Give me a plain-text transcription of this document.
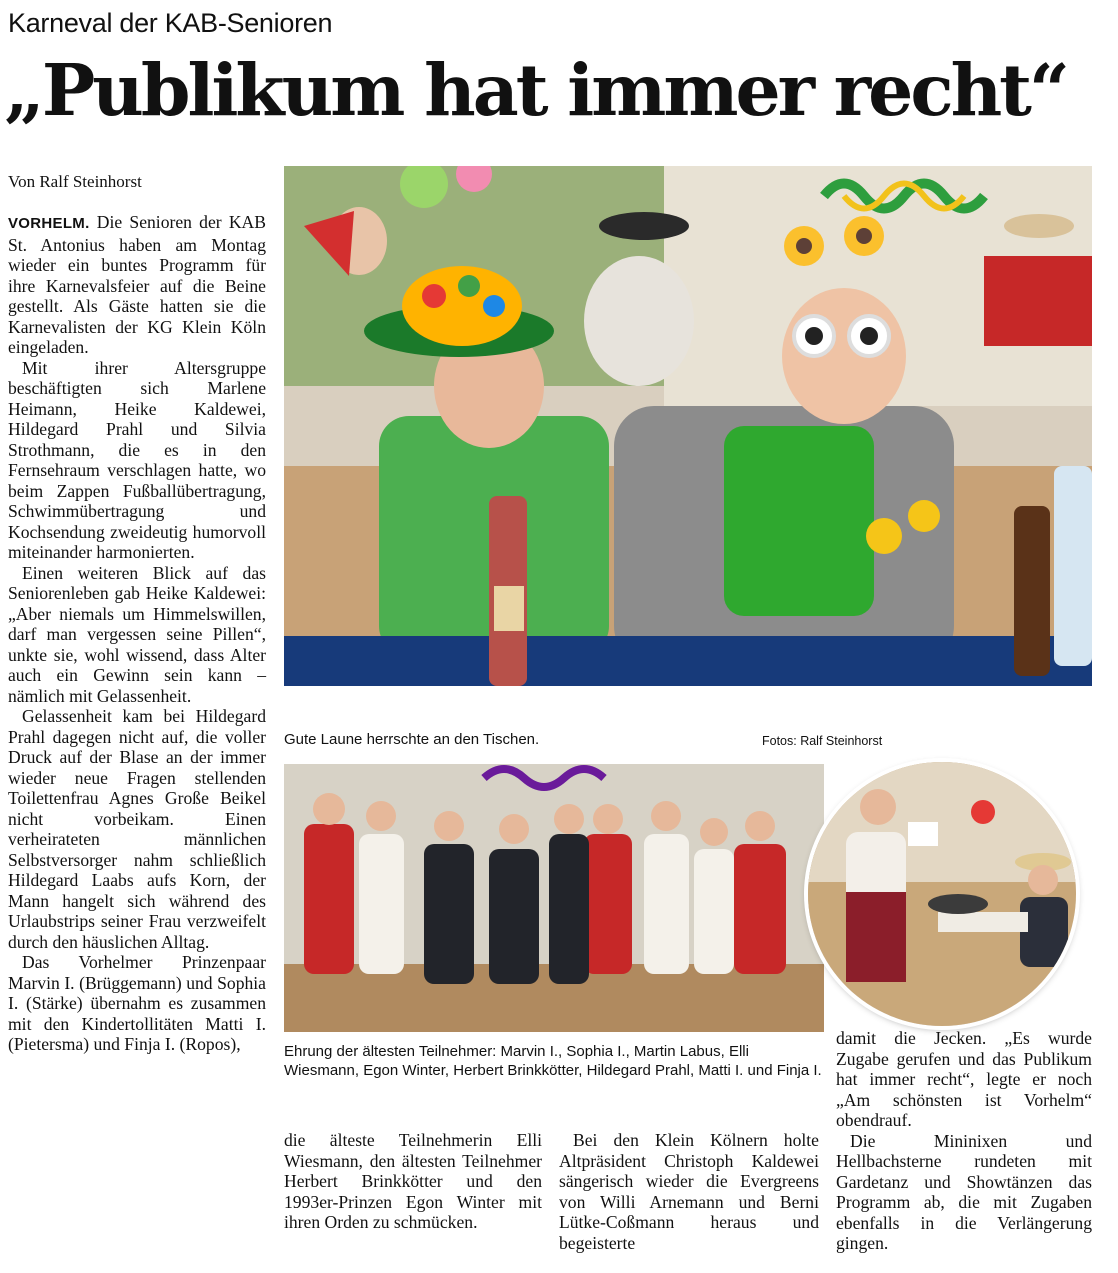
Karneval der KAB-Senioren
„Publikum hat immer recht“
Von Ralf Steinhorst

VORHELM. Die Senioren der KAB St. Antonius haben am Montag wieder ein buntes Programm für ihre Karnevalsfeier auf die Beine gestellt. Als Gäste hatten sie die Karnevalisten der KG Klein Köln eingeladen.

Mit ihrer Altersgruppe beschäftigten sich Marlene Heimann, Heike Kaldewei, Hildegard Prahl und Silvia Strothmann, die es in den Fernsehraum verschlagen hatte, wo beim Zappen Fußballübertragung, Schwimmübertragung und Kochsendung zweideutig humorvoll miteinander harmonierten.

Einen weiteren Blick auf das Seniorenleben gab Heike Kaldewei: „Aber niemals um Himmelswillen, darf man vergessen seine Pillen“, unkte sie, wohl wissend, dass Alter auch ein Gewinn sein kann – nämlich mit Gelassenheit.

Gelassenheit kam bei Hildegard Prahl dagegen nicht auf, die voller Druck auf der Blase an der immer wieder neue Fragen stellenden Toilettenfrau Agnes Große Beikel nicht vorbeikam. Einen verheirateten männlichen Selbstversorger nahm schließlich Hildegard Laabs aufs Korn, der Mann hangelt sich während des Urlaubstrips seiner Frau verzweifelt durch den häuslichen Alltag.

Das Vorhelmer Prinzenpaar Marvin I. (Brüggemann) und Sophia I. (Stärke) übernahm es zusammen mit den Kindertollitäten Matti I. (Pietersma) und Finja I. (Ropos),

Gute Laune herrschte an den Tischen.	Fotos: Ralf Steinhorst
Ehrung der ältesten Teilnehmer: Marvin I., Sophia I., Martin Labus, Elli Wiesmann, Egon Winter, Herbert Brinkkötter, Hildegard Prahl, Matti I. und Finja I.

die älteste Teilnehmerin Elli Wiesmann, den ältesten Teilnehmer Herbert Brinkkötter und den 1993er-Prinzen Egon Winter mit ihren Orden zu schmücken.

Bei den Klein Kölnern holte Altpräsident Christoph Kaldewei sängerisch wieder die Evergreens von Willi Arnemann und Berni Lütke-Coßmann heraus und begeisterte

damit die Jecken. „Es wurde Zugabe gerufen und das Publikum hat immer recht“, legte er noch „Am schönsten ist Vorhelm“ obendrauf.

Die Mininixen und Hellbachsterne rundeten mit Gardetanz und Showtänzen das Programm ab, die mit Zugaben ebenfalls in die Verlängerung gingen.
